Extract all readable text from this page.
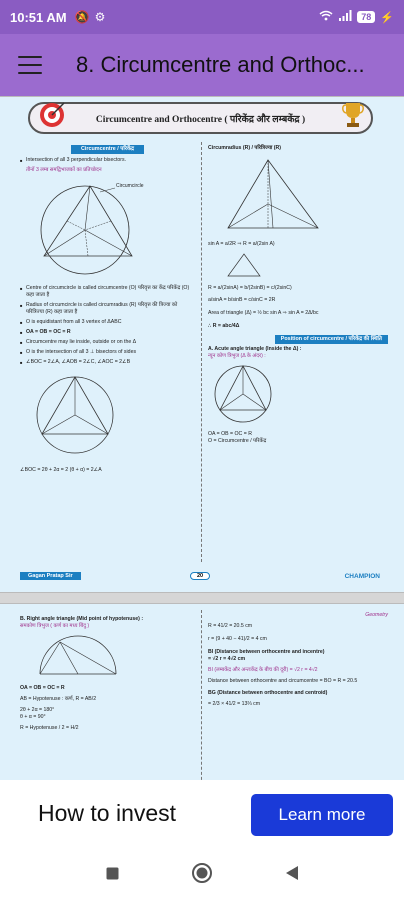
10:51 AM 🔕 ⚙	78 ⚡
8. Circumcentre and Orthoc...
Circumcentre and Orthocentre ( परिकेंद्र और लम्बकेंद्र )
Circumcentre / परिकेंद्र
■ Intersection of all 3 perpendicular bisectors.
तीनों 3 लम्ब समद्विभाजकों का प्रतिच्छेदन
Circumcircle
■ Centre of circumcircle is called circumcentre (O) परिवृत्त का केंद्र परिकेंद्र (O) कहा जाता है
■ Radius of circumcircle is called circumradius (R) परिवृत्त की त्रिज्या को परित्रिज्या (R) कहा जाता है
■ O is equidistant from all 3 vertex of ΔABC
■ OA = OB = OC = R
■ Circumcentre may lie inside, outside or on the Δ
■ O is the intersection of all 3 ⊥ bisectors of sides
■ ∠BOC = 2∠A, ∠AOB = 2∠C, ∠AOC = 2∠B
∠BOC = 2θ + 2α = 2 (θ + α) = 2∠A
Circumradius (R) / परित्रिज्या (R)
sin A = a/2R ⇒ R = a/(2sin A)
R = a/(2sinA) = b/(2sinB) = c/(2sinC)
a/sinA = b/sinB = c/sinC = 2R
Area of triangle (Δ) = ½ bc sin A ⇒ sin A = 2Δ/bc
∴ R = abc/4Δ
Position of circumcentre / परिकेंद्र की स्थिति
A. Acute angle triangle (Inside the Δ) :
न्यून कोण त्रिभुज (Δ के अंदर) :
OA = OB = OC = R
O = Circumcentre / परिकेंद्र
Gagan Pratap Sir	20	CHAMPION
B. Right angle triangle (Mid point of hypotenuse) :
समकोण त्रिभुज ( कर्ण का मध्य बिंदु )
OA = OB = OC = R
AB = Hypotenuse : कर्ण, R = AB/2
2θ + 2α = 180°
θ + α = 90°
R = Hypotenuse / 2 = H/2
Geometry
R = 41/2 = 20.5 cm
r = (9 + 40 − 41)/2 = 4 cm
BI (Distance between orthocentre and incentre)
= √2 r = 4√2 cm
BI (लम्बकेंद्र और अन्तःकेंद्र के बीच की दूरी) = √2 r = 4√2
Distance between orthocentre and circumcentre = BO = R = 20.5
BG (Distance between orthocentre and centroid)
= 2/3 × 41/2 = 13⅔ cm
How to invest	Learn more
